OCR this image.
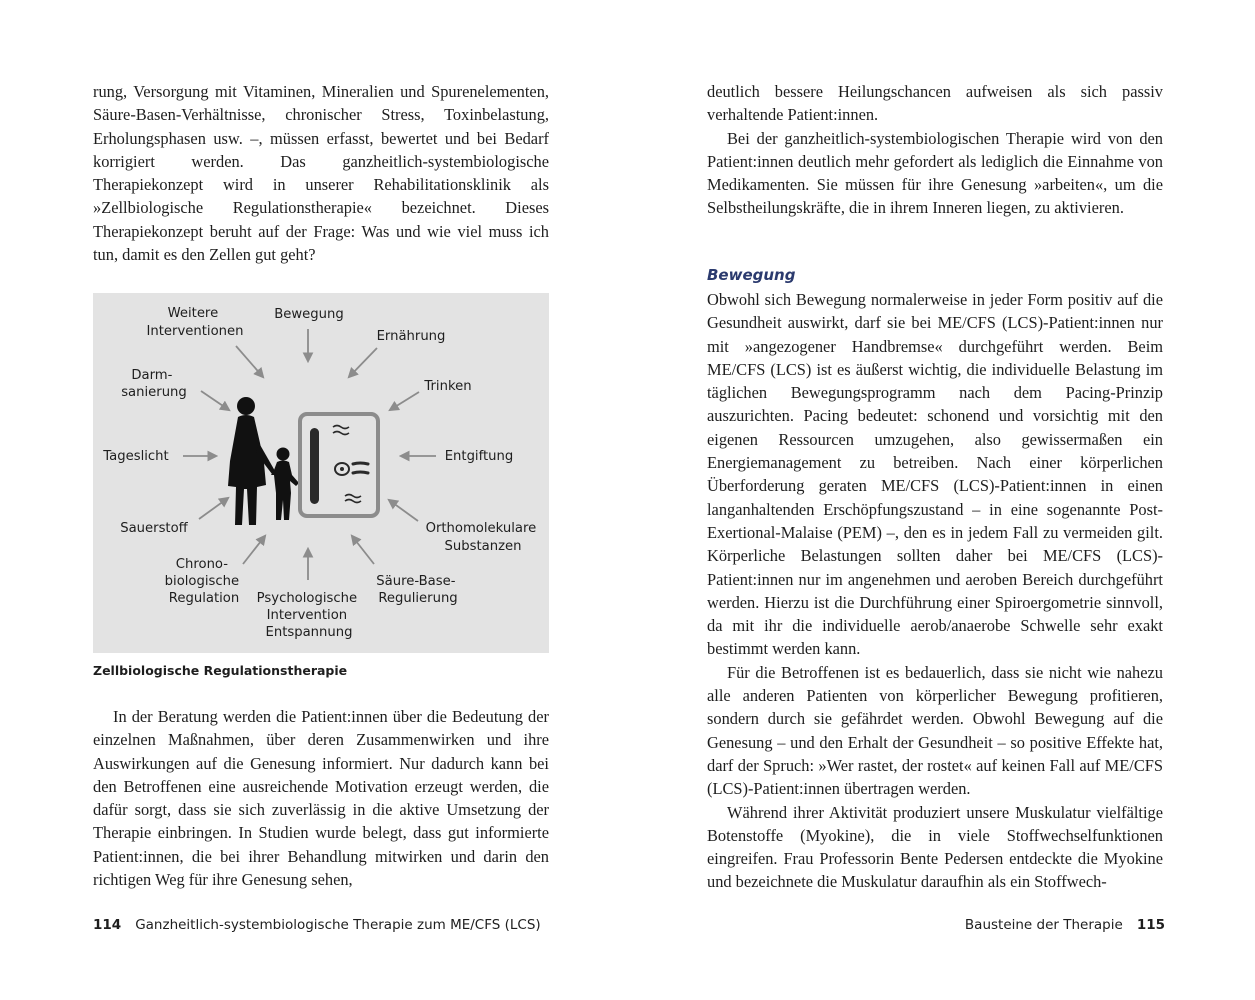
rung, Versorgung mit Vitaminen, Mineralien und Spurenelementen, Säure-Basen-Verhältnisse, chronischer Stress, Toxinbelastung, Erholungsphasen usw. –, müssen erfasst, bewertet und bei Bedarf korrigiert werden. Das ganzheitlich-systembiologische Therapiekonzept wird in unserer Rehabilitationsklinik als »Zellbiologische Regulationstherapie« bezeichnet. Dieses Therapiekonzept beruht auf der Frage: Was und wie viel muss ich tun, damit es den Zellen gut geht?

Weitere Interventionen
Bewegung
Ernährung
Darm- sanierung	Trinken
Tageslicht	Entgiftung
Sauerstoff	Orthomolekulare Substanzen
Chrono- biologische Regulation	Psychologische Intervention Entspannung
Säure-Base- Regulierung

Zellbiologische Regulationstherapie

In der Beratung werden die Patient:innen über die Bedeutung der einzelnen Maßnahmen, über deren Zusammenwirken und ihre Auswirkungen auf die Genesung informiert. Nur dadurch kann bei den Betroffenen eine ausreichende Motivation erzeugt werden, die dafür sorgt, dass sie sich zuverlässig in die aktive Umsetzung der Therapie einbringen. In Studien wurde belegt, dass gut informierte Patient:innen, die bei ihrer Behandlung mitwirken und darin den richtigen Weg für ihre Genesung sehen,

114 Ganzheitlich-systembiologische Therapie zum ME/CFS (LCS)

deutlich bessere Heilungschancen aufweisen als sich passiv verhaltende Patient:innen.

Bei der ganzheitlich-systembiologischen Therapie wird von den Patient:innen deutlich mehr gefordert als lediglich die Einnahme von Medikamenten. Sie müssen für ihre Genesung »arbeiten«, um die Selbstheilungskräfte, die in ihrem Inneren liegen, zu aktivieren.

Bewegung

Obwohl sich Bewegung normalerweise in jeder Form positiv auf die Gesundheit auswirkt, darf sie bei ME/CFS (LCS)-Patient:innen nur mit »angezogener Handbremse« durchgeführt werden. Beim ME/CFS (LCS) ist es äußerst wichtig, die individuelle Belastung im täglichen Bewegungsprogramm nach dem Pacing-Prinzip auszurichten. Pacing bedeutet: schonend und vorsichtig mit den eigenen Ressourcen umzugehen, also gewissermaßen ein Energiemanagement zu betreiben. Nach einer körperlichen Überforderung geraten ME/CFS (LCS)-Patient:innen in einen langanhaltenden Erschöpfungszustand – in eine sogenannte Post-Exertional-Malaise (PEM) –, den es in jedem Fall zu vermeiden gilt. Körperliche Belastungen sollten daher bei ME/CFS (LCS)-Patient:innen nur im angenehmen und aeroben Bereich durchgeführt werden. Hierzu ist die Durchführung einer Spiroergometrie sinnvoll, da mit ihr die individuelle aerob/anaerobe Schwelle sehr exakt bestimmt werden kann.

Für die Betroffenen ist es bedauerlich, dass sie nicht wie nahezu alle anderen Patienten von körperlicher Bewegung profitieren, sondern durch sie gefährdet werden. Obwohl Bewegung auf die Genesung – und den Erhalt der Gesundheit – so positive Effekte hat, darf der Spruch: »Wer rastet, der rostet« auf keinen Fall auf ME/CFS (LCS)-Patient:innen übertragen werden.

Während ihrer Aktivität produziert unsere Muskulatur vielfältige Botenstoffe (Myokine), die in viele Stoffwechselfunktionen eingreifen. Frau Professorin Bente Pedersen entdeckte die Myokine und bezeichnete die Muskulatur daraufhin als ein Stoffwech-

Bausteine der Therapie 115
